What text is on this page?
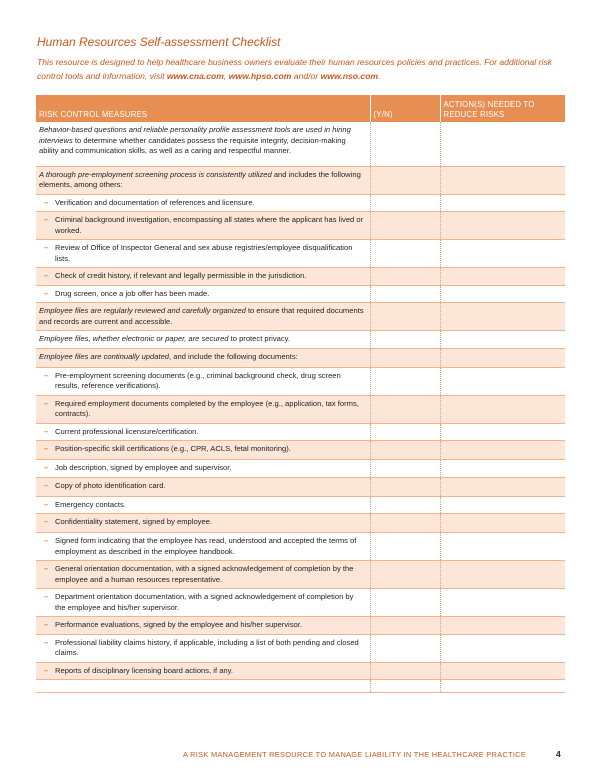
Human Resources Self-assessment Checklist

This resource is designed to help healthcare business owners evaluate their human resources policies and practices. For additional risk control tools and information, visit www.cna.com, www.hpso.com and/or www.nso.com.

RISK CONTROL MEASURES	(Y/N)	ACTION(S) NEEDED TO REDUCE RISKS
Behavior-based questions and reliable personality profile assessment tools are used in hiring interviews to determine whether candidates possess the requisite integrity, decision-making ability and communication skills, as well as a caring and respectful manner.		
A thorough pre-employment screening process is consistently utilized and includes the following elements, among others:		

– Verification and documentation of references and licensure.		

– Criminal background investigation, encompassing all states where the applicant has lived or worked.		

– Review of Office of Inspector General and sex abuse registries/employee disqualification lists.		

– Check of credit history, if relevant and legally permissible in the jurisdiction.		

– Drug screen, once a job offer has been made.		
Employee files are regularly reviewed and carefully organized to ensure that required documents and records are current and accessible.		
Employee files, whether electronic or paper, are secured to protect privacy.		
Employee files are continually updated, and include the following documents:		

– Pre-employment screening documents (e.g., criminal background check, drug screen results, reference verifications).		

– Required employment documents completed by the employee (e.g., application, tax forms, contracts).		

– Current professional licensure/certification.		

– Position-specific skill certifications (e.g., CPR, ACLS, fetal monitoring).		

– Job description, signed by employee and supervisor.		

– Copy of photo identification card.		

– Emergency contacts.		

– Confidentiality statement, signed by employee.		

– Signed form indicating that the employee has read, understood and accepted the terms of employment as described in the employee handbook.		

– General orientation documentation, with a signed acknowledgement of completion by the employee and a human resources representative.		

– Department orientation documentation, with a signed acknowledgement of completion by the employee and his/her supervisor.		

– Performance evaluations, signed by the employee and his/her supervisor.		

– Professional liability claims history, if applicable, including a list of both pending and closed claims.		

– Reports of disciplinary licensing board actions, if any.		

A RISK MANAGEMENT RESOURCE TO MANAGE LIABILITY IN THE HEALTHCARE PRACTICE	4
